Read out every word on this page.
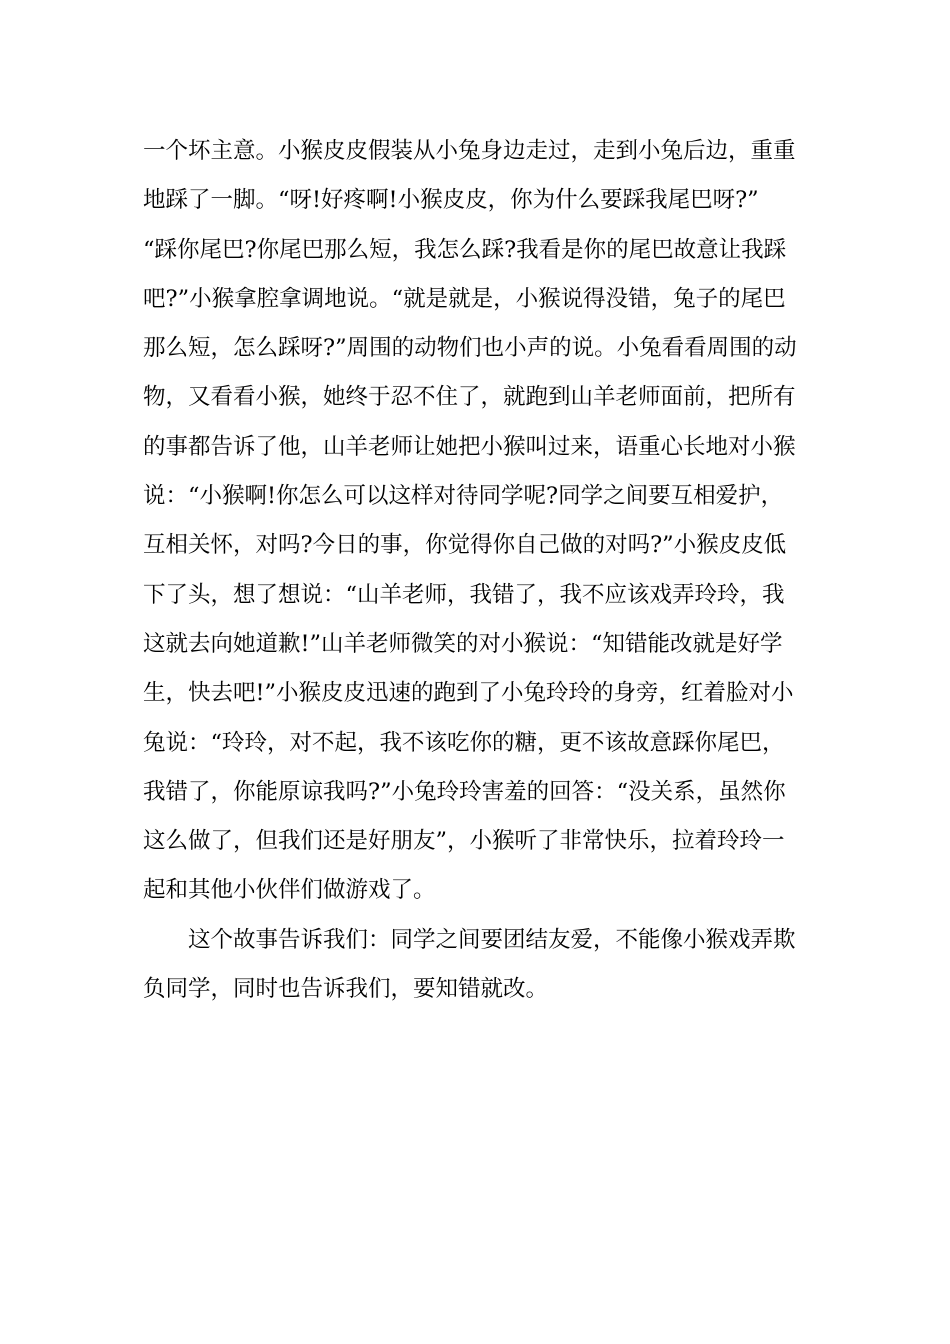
一个坏主意。小猴皮皮假装从小兔身边走过，走到小兔后边，重重
地踩了一脚。“呀!好疼啊!小猴皮皮，你为什么要踩我尾巴呀?”
“踩你尾巴?你尾巴那么短，我怎么踩?我看是你的尾巴故意让我踩
吧?”小猴拿腔拿调地说。“就是就是，小猴说得没错，兔子的尾巴
那么短，怎么踩呀?”周围的动物们也小声的说。小兔看看周围的动
物，又看看小猴，她终于忍不住了，就跑到山羊老师面前，把所有
的事都告诉了他，山羊老师让她把小猴叫过来，语重心长地对小猴
说：“小猴啊!你怎么可以这样对待同学呢?同学之间要互相爱护，
互相关怀，对吗?今日的事，你觉得你自己做的对吗?”小猴皮皮低
下了头，想了想说：“山羊老师，我错了，我不应该戏弄玲玲，我
这就去向她道歉!”山羊老师微笑的对小猴说：“知错能改就是好学
生，快去吧!”小猴皮皮迅速的跑到了小兔玲玲的身旁，红着脸对小
兔说：“玲玲，对不起，我不该吃你的糖，更不该故意踩你尾巴，
我错了，你能原谅我吗?”小兔玲玲害羞的回答：“没关系，虽然你
这么做了，但我们还是好朋友”，小猴听了非常快乐，拉着玲玲一
起和其他小伙伴们做游戏了。
这个故事告诉我们：同学之间要团结友爱，不能像小猴戏弄欺
负同学，同时也告诉我们，要知错就改。
